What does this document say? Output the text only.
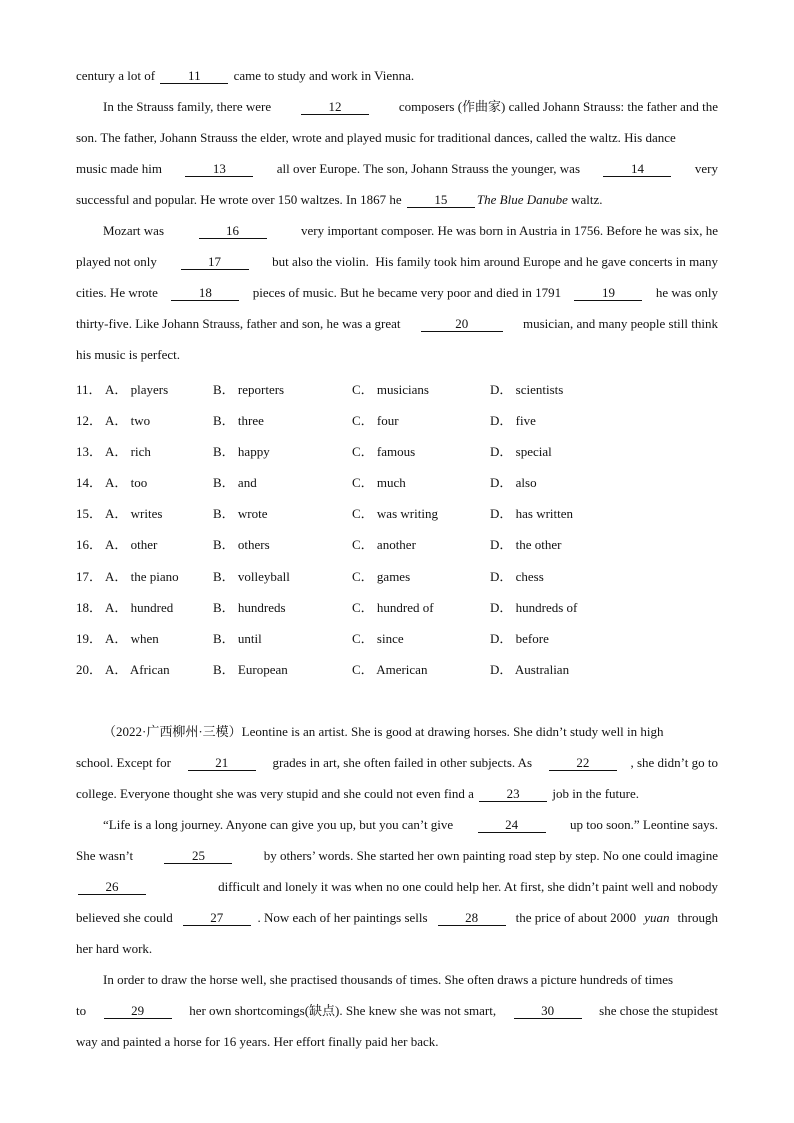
century a lot of	11	came to study and work in Vienna.
In the Strauss family, there were	12	composers (作曲家) called Johann Strauss: the father and the
son. The father, Johann Strauss the elder, wrote and played music for traditional dances, called the waltz. His dance
music made him	13	all over Europe. The son, Johann Strauss the younger, was	14	very
successful and popular. He wrote over 150 waltzes. In 1867 he	15	The Blue Danube waltz.
Mozart was	16	very important composer. He was born in Austria in 1756. Before he was six, he
played not only	17	but also the violin.  His family took him around Europe and he gave concerts in many
cities. He wrote	18	pieces of music. But he became very poor and died in 1791	19	he was only
thirty-five. Like Johann Strauss, father and son, he was a great	20	musician, and many people still think
his music is perfect.
11． A． players	B． reporters	C． musicians	D． scientists
12． A． two	B． three	C． four	D． five
13． A． rich	B． happy	C． famous	D． special
14． A． too	B． and	C． much	D． also
15． A． writes	B． wrote	C． was writing	D． has written
16． A． other	B． others	C． another	D． the other
17． A． the piano	B． volleyball	C． games	D． chess
18． A． hundred	B． hundreds	C． hundred of	D． hundreds of
19． A． when	B． until	C． since	D． before
20． A． African	B． European	C． American	D． Australian
（2022·广西柳州·三模）Leontine is an artist. She is good at drawing horses. She didn’t study well in high
school. Except for	21	grades in art, she often failed in other subjects. As	22	, she didn’t go to
college. Everyone thought she was very stupid and she could not even find a	23	job in the future.
“Life is a long journey. Anyone can give you up, but you can’t give	24	up too soon.” Leontine says.
She wasn’t	25	by others’ words. She started her own painting road step by step. No one could imagine
26	difficult and lonely it was when no one could help her. At first, she didn’t paint well and nobody
believed she could	27	. Now each of her paintings sells	28	the price of about 2000 yuan through
her hard work.
In order to draw the horse well, she practised thousands of times. She often draws a picture hundreds of times
to	29	her own shortcomings(缺点). She knew she was not smart,	30	she chose the stupidest
way and painted a horse for 16 years. Her effort finally paid her back.
